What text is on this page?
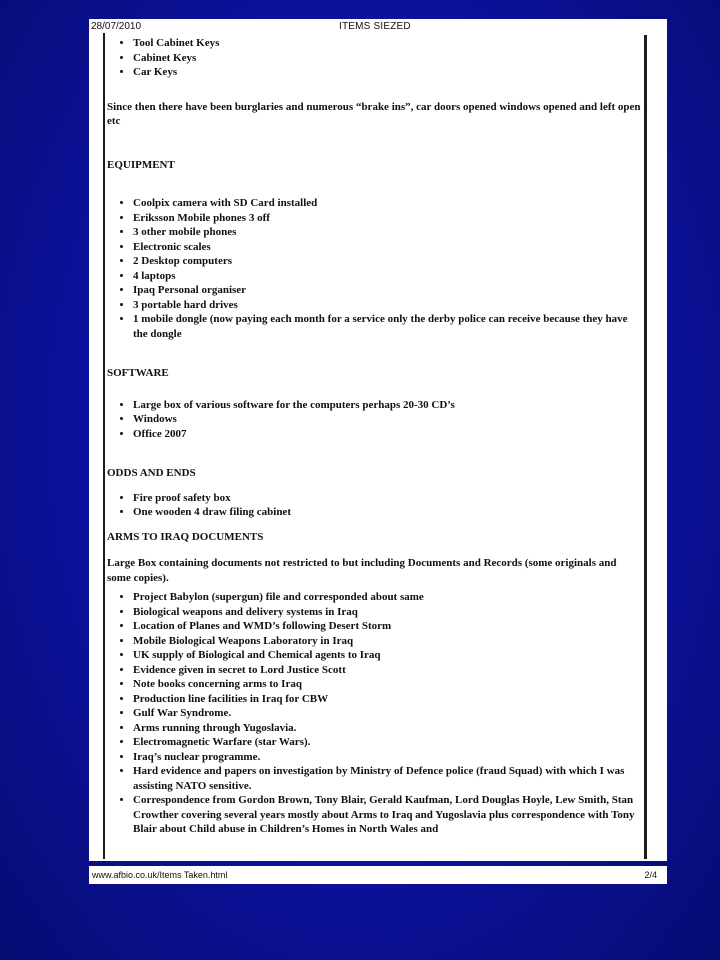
28/07/2010	ITEMS SIEZED
• Tool Cabinet Keys
• Cabinet Keys
• Car Keys

Since then there have been burglaries and numerous “brake ins”, car doors opened windows opened and left open etc

EQUIPMENT

• Coolpix camera with SD Card installed
• Eriksson Mobile phones 3 off
• 3 other mobile phones
• Electronic scales
• 2 Desktop computers
• 4 laptops
• Ipaq Personal organiser
• 3 portable hard drives
• 1 mobile dongle (now paying each month for a service only the derby police can receive because they have the dongle

SOFTWARE

• Large box of various software for the computers perhaps 20-30 CD’s
• Windows
• Office 2007

ODDS AND ENDS

• Fire proof safety box
• One wooden 4 draw filing cabinet

ARMS TO IRAQ DOCUMENTS

Large Box containing documents not restricted to but including Documents and Records (some originals and some copies).

• Project Babylon (supergun) file and corresponded about same
• Biological weapons and delivery systems in Iraq
• Location of Planes and WMD’s following Desert Storm
• Mobile Biological Weapons Laboratory in Iraq
• UK supply of Biological and Chemical agents to Iraq
• Evidence given in secret to Lord Justice Scott
• Note books concerning arms to Iraq
• Production line facilities in Iraq for CBW
• Gulf War Syndrome.
• Arms running through Yugoslavia.
• Electromagnetic Warfare (star Wars).
• Iraq’s nuclear programme.
• Hard evidence and papers on investigation by Ministry of Defence police (fraud Squad) with which I was assisting NATO sensitive.
• Correspondence from Gordon Brown, Tony Blair, Gerald Kaufman, Lord Douglas Hoyle, Lew Smith, Stan Crowther covering several years mostly about Arms to Iraq and Yugoslavia plus correspondence with Tony Blair about Child abuse in Children’s Homes in North Wales and
www.afbio.co.uk/Items Taken.html	2/4
